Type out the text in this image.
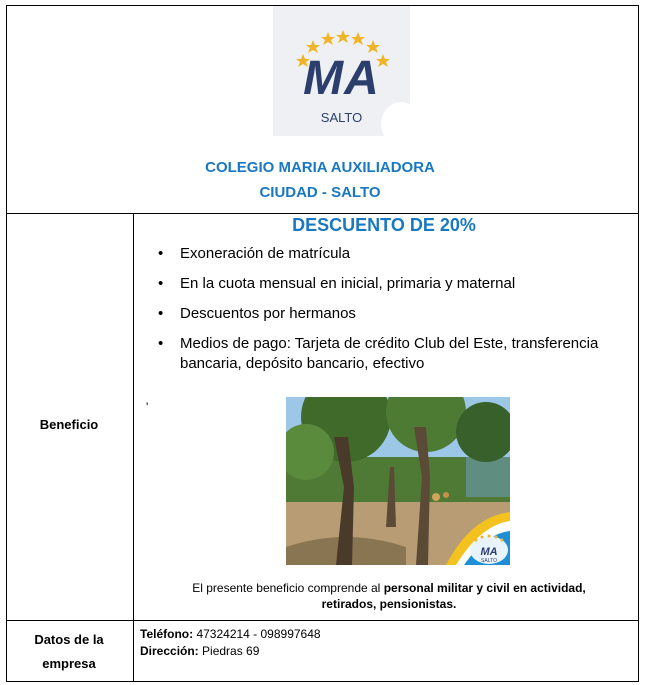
MA
SALTO
COLEGIO MARIA AUXILIADORA
CIUDAD - SALTO
Beneficio
DESCUENTO DE 20%
• Exoneración de matrícula
• En la cuota mensual en inicial, primaria y maternal
• Descuentos por hermanos
• Medios de pago: Tarjeta de crédito Club del Este, transferencia bancaria, depósito bancario, efectivo
'
MA
SALTO
El presente beneficio comprende al personal militar y civil en actividad,
retirados, pensionistas.
Datos de la
empresa
Teléfono: 47324214 - 098997648
Dirección: Piedras 69
